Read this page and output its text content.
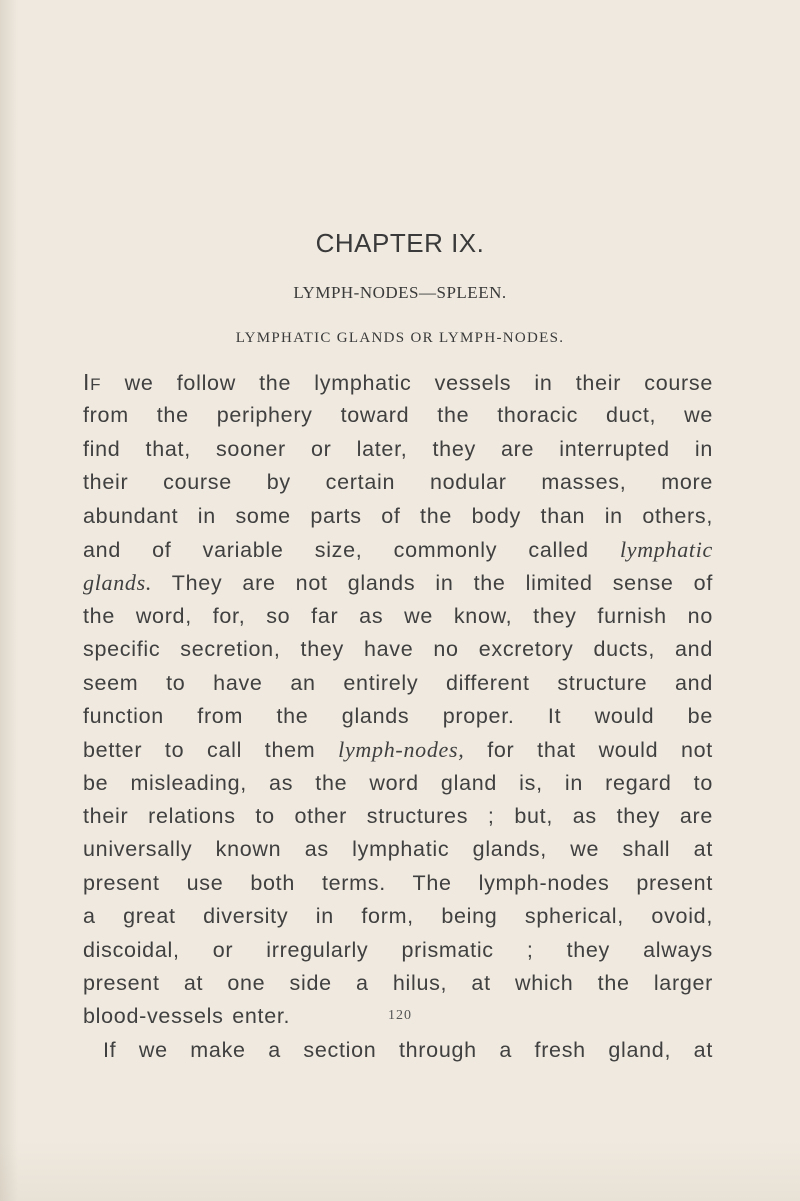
CHAPTER IX.
LYMPH-NODES—SPLEEN.
LYMPHATIC GLANDS OR LYMPH-NODES.
IF we follow the lymphatic vessels in their course
from the periphery toward the thoracic duct, we
find that, sooner or later, they are interrupted in
their course by certain nodular masses, more
abundant in some parts of the body than in others,
and of variable size, commonly called lymphatic
glands. They are not glands in the limited sense of
the word, for, so far as we know, they furnish no
specific secretion, they have no excretory ducts, and
seem to have an entirely different structure and
function from the glands proper. It would be
better to call them lymph-nodes, for that would not
be misleading, as the word gland is, in regard to
their relations to other structures ; but, as they are
universally known as lymphatic glands, we shall at
present use both terms. The lymph-nodes present
a great diversity in form, being spherical, ovoid,
discoidal, or irregularly prismatic ; they always
present at one side a hilus, at which the larger
blood-vessels enter.
If we make a section through a fresh gland, at
120
